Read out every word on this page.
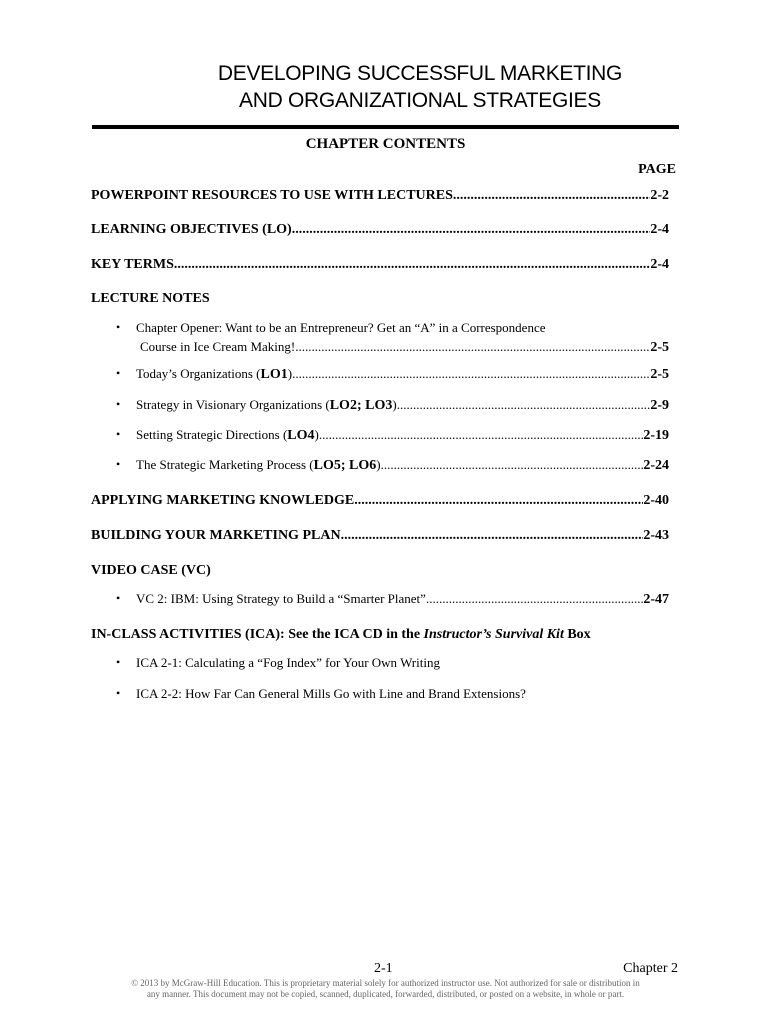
DEVELOPING SUCCESSFUL MARKETING
AND ORGANIZATIONAL STRATEGIES
CHAPTER CONTENTS
PAGE
POWERPOINT RESOURCES TO USE WITH LECTURES .....	2-2
LEARNING OBJECTIVES (LO) .....	2-4
KEY TERMS .....	2-4
LECTURE NOTES
• Chapter Opener: Want to be an Entrepreneur? Get an “A” in a Correspondence
Course in Ice Cream Making! .....	2-5
• Today’s Organizations (LO1) .....	2-5
• Strategy in Visionary Organizations (LO2; LO3) .....	2-9
• Setting Strategic Directions (LO4) .....	2-19
• The Strategic Marketing Process (LO5; LO6) .....	2-24
APPLYING MARKETING KNOWLEDGE .....	2-40
BUILDING YOUR MARKETING PLAN .....	2-43
VIDEO CASE (VC)
• VC 2: IBM: Using Strategy to Build a “Smarter Planet” .....	2-47
IN-CLASS ACTIVITIES (ICA): See the ICA CD in the Instructor’s Survival Kit Box
• ICA 2-1: Calculating a “Fog Index” for Your Own Writing
• ICA 2-2: How Far Can General Mills Go with Line and Brand Extensions?
2-1	Chapter 2
© 2013 by McGraw-Hill Education. This is proprietary material solely for authorized instructor use. Not authorized for sale or distribution in
any manner. This document may not be copied, scanned, duplicated, forwarded, distributed, or posted on a website, in whole or part.
